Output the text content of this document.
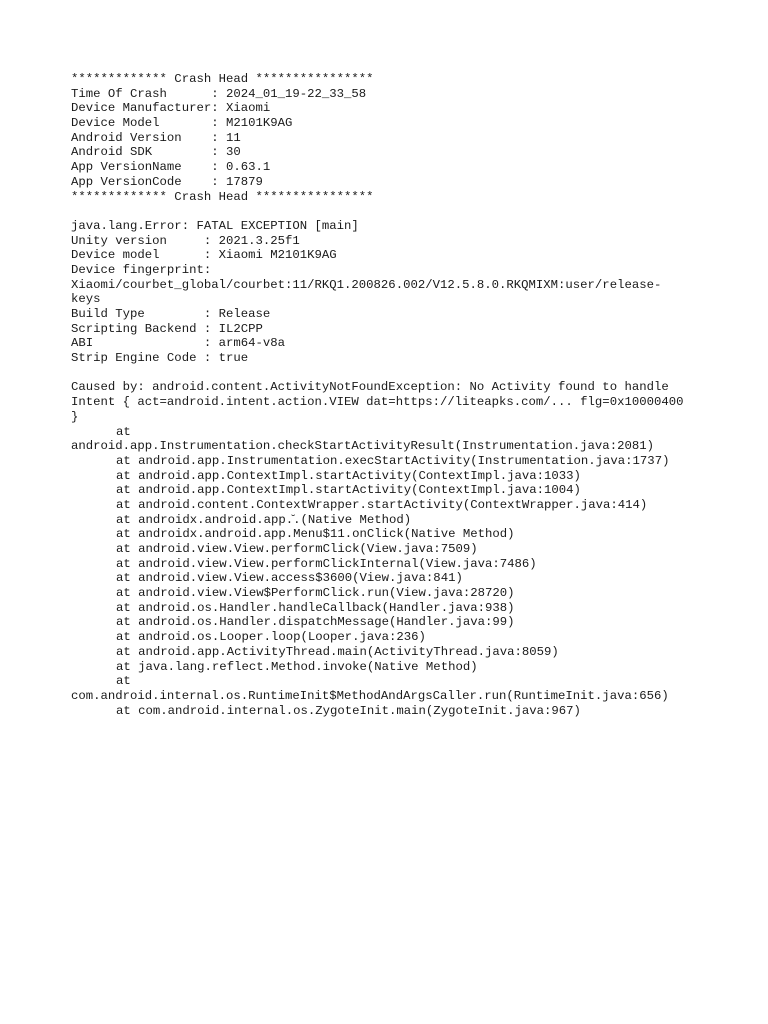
************* Crash Head ****************
Time Of Crash      : 2024_01_19-22_33_58
Device Manufacturer: Xiaomi
Device Model       : M2101K9AG
Android Version    : 11
Android SDK        : 30
App VersionName    : 0.63.1
App VersionCode    : 17879
************* Crash Head ****************
java.lang.Error: FATAL EXCEPTION [main]
Unity version     : 2021.3.25f1
Device model      : Xiaomi M2101K9AG
Device fingerprint:
Xiaomi/courbet_global/courbet:11/RKQ1.200826.002/V12.5.8.0.RKQMIXM:user/release-
keys
Build Type        : Release
Scripting Backend : IL2CPP
ABI               : arm64-v8a
Strip Engine Code : true
Caused by: android.content.ActivityNotFoundException: No Activity found to handle
Intent { act=android.intent.action.VIEW dat=https://liteapks.com/... flg=0x10000400
}
at
android.app.Instrumentation.checkStartActivityResult(Instrumentation.java:2081)
at android.app.Instrumentation.execStartActivity(Instrumentation.java:1737)
at android.app.ContextImpl.startActivity(ContextImpl.java:1033)
at android.app.ContextImpl.startActivity(ContextImpl.java:1004)
at android.content.ContextWrapper.startActivity(ContextWrapper.java:414)
at androidx.android.app.̆.(Native Method)
at androidx.android.app.Menu$11.onClick(Native Method)
at android.view.View.performClick(View.java:7509)
at android.view.View.performClickInternal(View.java:7486)
at android.view.View.access$3600(View.java:841)
at android.view.View$PerformClick.run(View.java:28720)
at android.os.Handler.handleCallback(Handler.java:938)
at android.os.Handler.dispatchMessage(Handler.java:99)
at android.os.Looper.loop(Looper.java:236)
at android.app.ActivityThread.main(ActivityThread.java:8059)
at java.lang.reflect.Method.invoke(Native Method)
at
com.android.internal.os.RuntimeInit$MethodAndArgsCaller.run(RuntimeInit.java:656)
at com.android.internal.os.ZygoteInit.main(ZygoteInit.java:967)
